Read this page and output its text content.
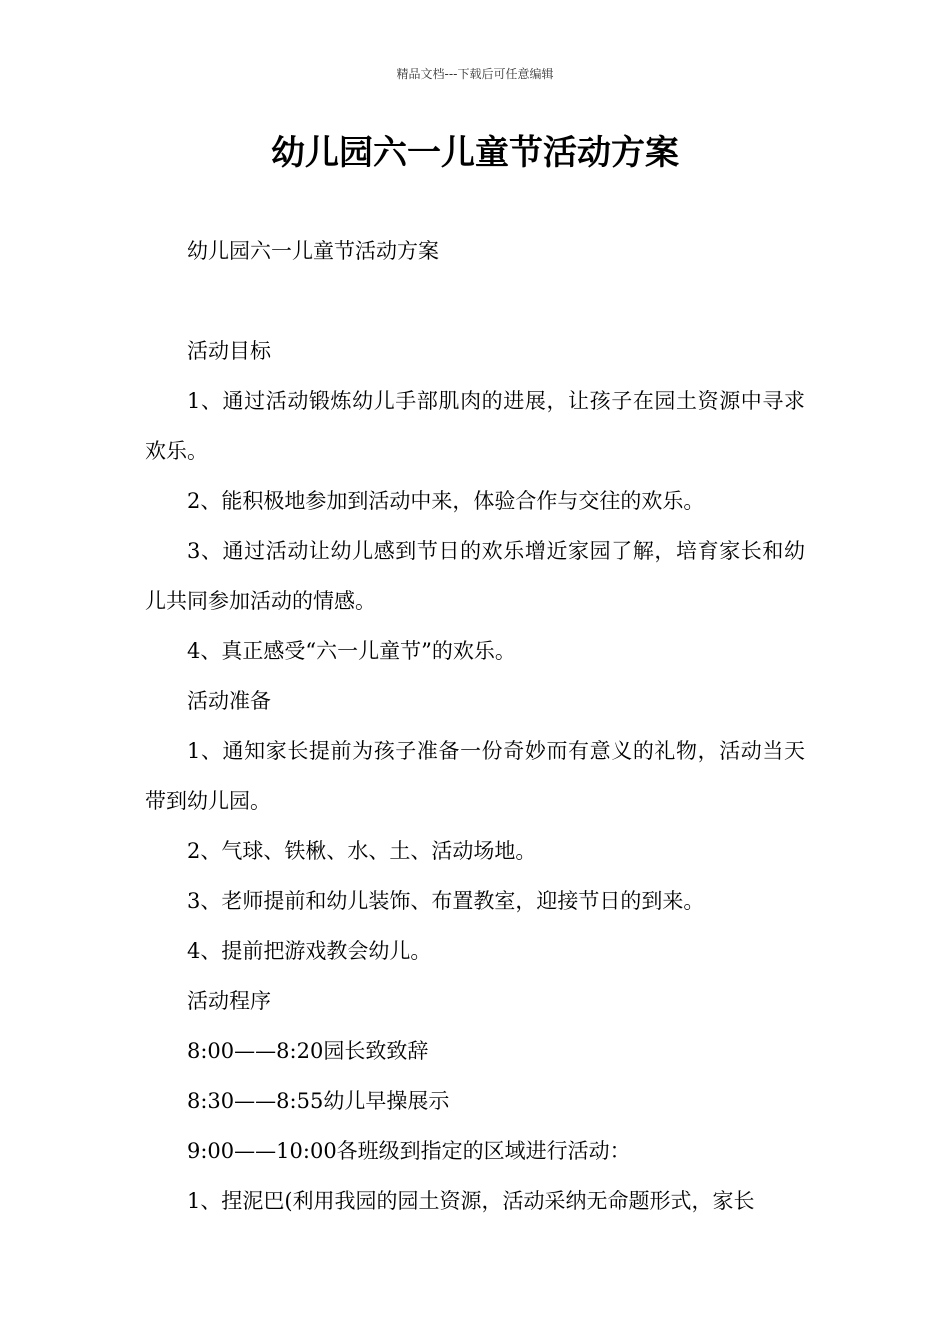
精品文档---下载后可任意编辑
幼儿园六一儿童节活动方案

幼儿园六一儿童节活动方案

活动目标

1、通过活动锻炼幼儿手部肌肉的进展，让孩子在园土资源中寻求欢乐。

2、能积极地参加到活动中来，体验合作与交往的欢乐。

3、通过活动让幼儿感到节日的欢乐增近家园了解，培育家长和幼儿共同参加活动的情感。

4、真正感受“六一儿童节”的欢乐。

活动准备

1、通知家长提前为孩子准备一份奇妙而有意义的礼物，活动当天带到幼儿园。

2、气球、铁楸、水、土、活动场地。

3、老师提前和幼儿装饰、布置教室，迎接节日的到来。

4、提前把游戏教会幼儿。

活动程序

8:00——8:20园长致致辞

8:30——8:55幼儿早操展示

9:00——10:00各班级到指定的区域进行活动：

1、捏泥巴(利用我园的园土资源，活动采纳无命题形式，家长
